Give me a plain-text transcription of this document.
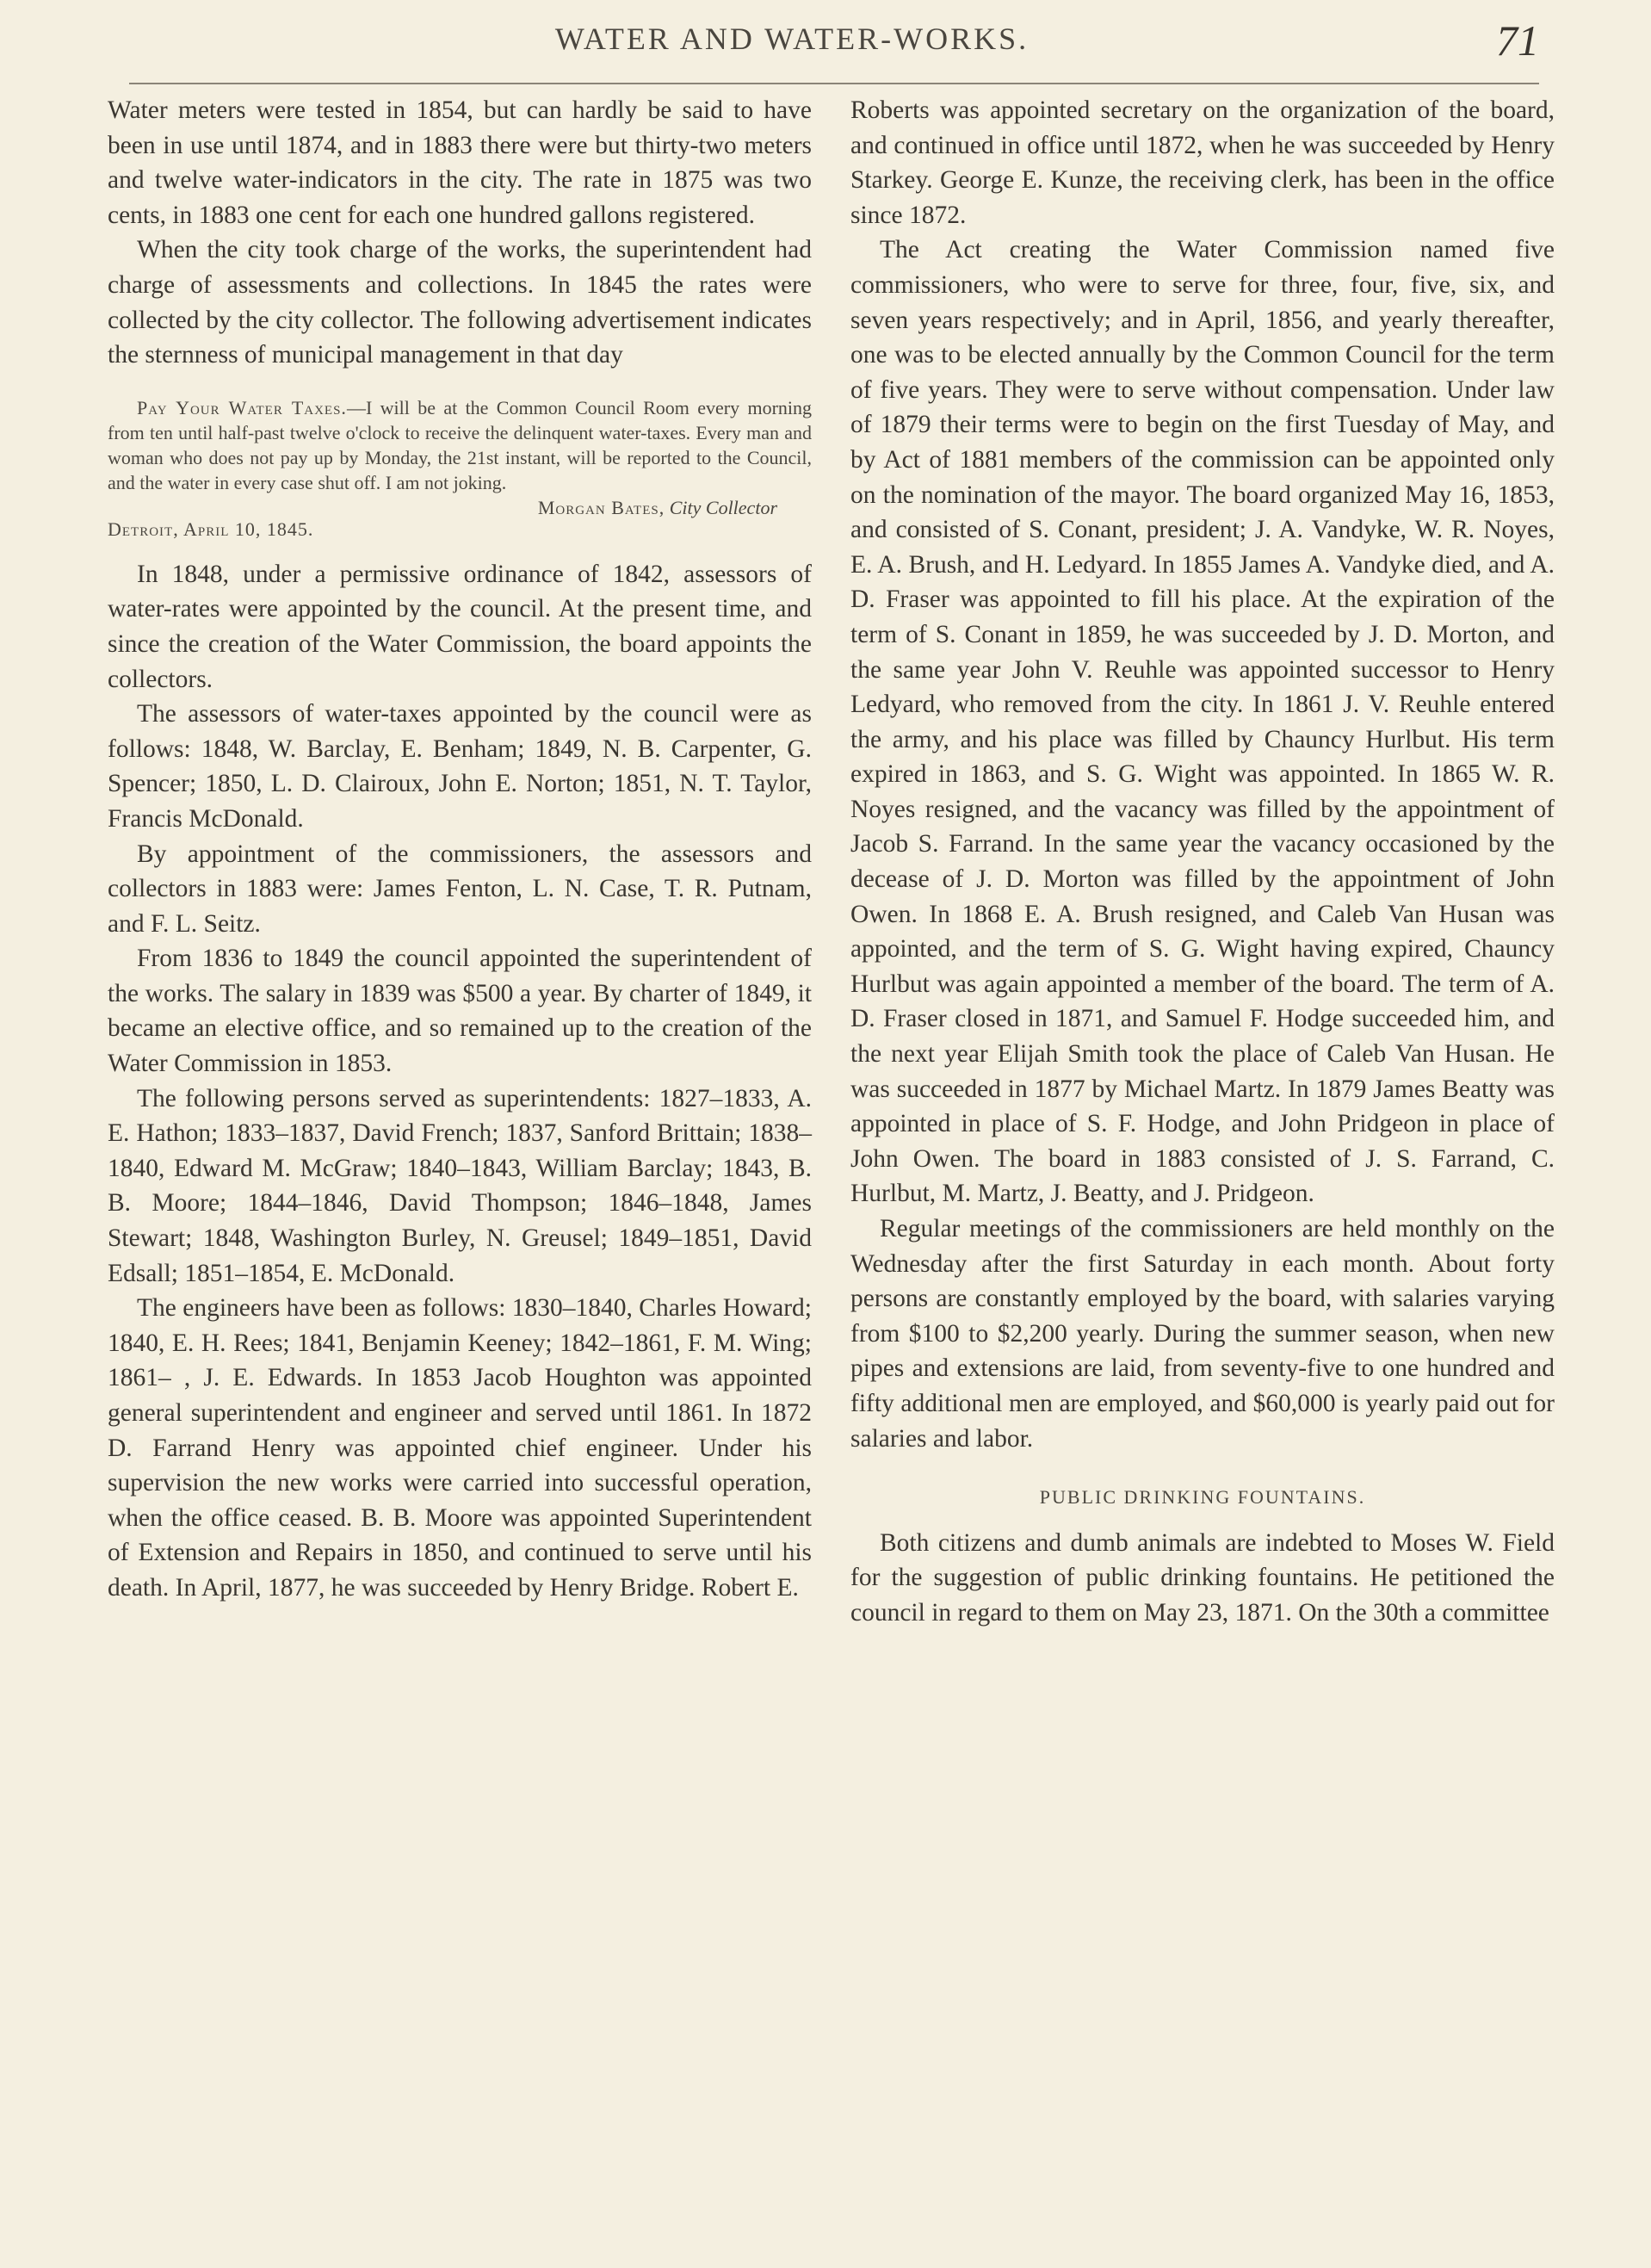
WATER AND WATER-WORKS.	71

Water meters were tested in 1854, but can hardly be said to have been in use until 1874, and in 1883 there were but thirty-two meters and twelve water-indicators in the city. The rate in 1875 was two cents, in 1883 one cent for each one hundred gallons registered.

When the city took charge of the works, the superintendent had charge of assessments and collections. In 1845 the rates were collected by the city collector. The following advertisement indicates the sternness of municipal management in that day

Pay Your Water Taxes.—I will be at the Common Council Room every morning from ten until half-past twelve o'clock to receive the delinquent water-taxes. Every man and woman who does not pay up by Monday, the 21st instant, will be reported to the Council, and the water in every case shut off. I am not joking.
Morgan Bates, City Collector
Detroit, April 10, 1845.

In 1848, under a permissive ordinance of 1842, assessors of water-rates were appointed by the council. At the present time, and since the creation of the Water Commission, the board appoints the collectors.

The assessors of water-taxes appointed by the council were as follows: 1848, W. Barclay, E. Benham; 1849, N. B. Carpenter, G. Spencer; 1850, L. D. Clairoux, John E. Norton; 1851, N. T. Taylor, Francis McDonald.

By appointment of the commissioners, the assessors and collectors in 1883 were: James Fenton, L. N. Case, T. R. Putnam, and F. L. Seitz.

From 1836 to 1849 the council appointed the superintendent of the works. The salary in 1839 was $500 a year. By charter of 1849, it became an elective office, and so remained up to the creation of the Water Commission in 1853.

The following persons served as superintendents: 1827–1833, A. E. Hathon; 1833–1837, David French; 1837, Sanford Brittain; 1838–1840, Edward M. McGraw; 1840–1843, William Barclay; 1843, B. B. Moore; 1844–1846, David Thompson; 1846–1848, James Stewart; 1848, Washington Burley, N. Greusel; 1849–1851, David Edsall; 1851–1854, E. McDonald.

The engineers have been as follows: 1830–1840, Charles Howard; 1840, E. H. Rees; 1841, Benjamin Keeney; 1842–1861, F. M. Wing; 1861– , J. E. Edwards. In 1853 Jacob Houghton was appointed general superintendent and engineer and served until 1861. In 1872 D. Farrand Henry was appointed chief engineer. Under his supervision the new works were carried into successful operation, when the office ceased. B. B. Moore was appointed Superintendent of Extension and Repairs in 1850, and continued to serve until his death. In April, 1877, he was succeeded by Henry Bridge. Robert E.

Roberts was appointed secretary on the organization of the board, and continued in office until 1872, when he was succeeded by Henry Starkey. George E. Kunze, the receiving clerk, has been in the office since 1872.

The Act creating the Water Commission named five commissioners, who were to serve for three, four, five, six, and seven years respectively; and in April, 1856, and yearly thereafter, one was to be elected annually by the Common Council for the term of five years. They were to serve without compensation. Under law of 1879 their terms were to begin on the first Tuesday of May, and by Act of 1881 members of the commission can be appointed only on the nomination of the mayor. The board organized May 16, 1853, and consisted of S. Conant, president; J. A. Vandyke, W. R. Noyes, E. A. Brush, and H. Ledyard. In 1855 James A. Vandyke died, and A. D. Fraser was appointed to fill his place. At the expiration of the term of S. Conant in 1859, he was succeeded by J. D. Morton, and the same year John V. Reuhle was appointed successor to Henry Ledyard, who removed from the city. In 1861 J. V. Reuhle entered the army, and his place was filled by Chauncy Hurlbut. His term expired in 1863, and S. G. Wight was appointed. In 1865 W. R. Noyes resigned, and the vacancy was filled by the appointment of Jacob S. Farrand. In the same year the vacancy occasioned by the decease of J. D. Morton was filled by the appointment of John Owen. In 1868 E. A. Brush resigned, and Caleb Van Husan was appointed, and the term of S. G. Wight having expired, Chauncy Hurlbut was again appointed a member of the board. The term of A. D. Fraser closed in 1871, and Samuel F. Hodge succeeded him, and the next year Elijah Smith took the place of Caleb Van Husan. He was succeeded in 1877 by Michael Martz. In 1879 James Beatty was appointed in place of S. F. Hodge, and John Pridgeon in place of John Owen. The board in 1883 consisted of J. S. Farrand, C. Hurlbut, M. Martz, J. Beatty, and J. Pridgeon.

Regular meetings of the commissioners are held monthly on the Wednesday after the first Saturday in each month. About forty persons are constantly employed by the board, with salaries varying from $100 to $2,200 yearly. During the summer season, when new pipes and extensions are laid, from seventy-five to one hundred and fifty additional men are employed, and $60,000 is yearly paid out for salaries and labor.

PUBLIC DRINKING FOUNTAINS.

Both citizens and dumb animals are indebted to Moses W. Field for the suggestion of public drinking fountains. He petitioned the council in regard to them on May 23, 1871. On the 30th a committee
